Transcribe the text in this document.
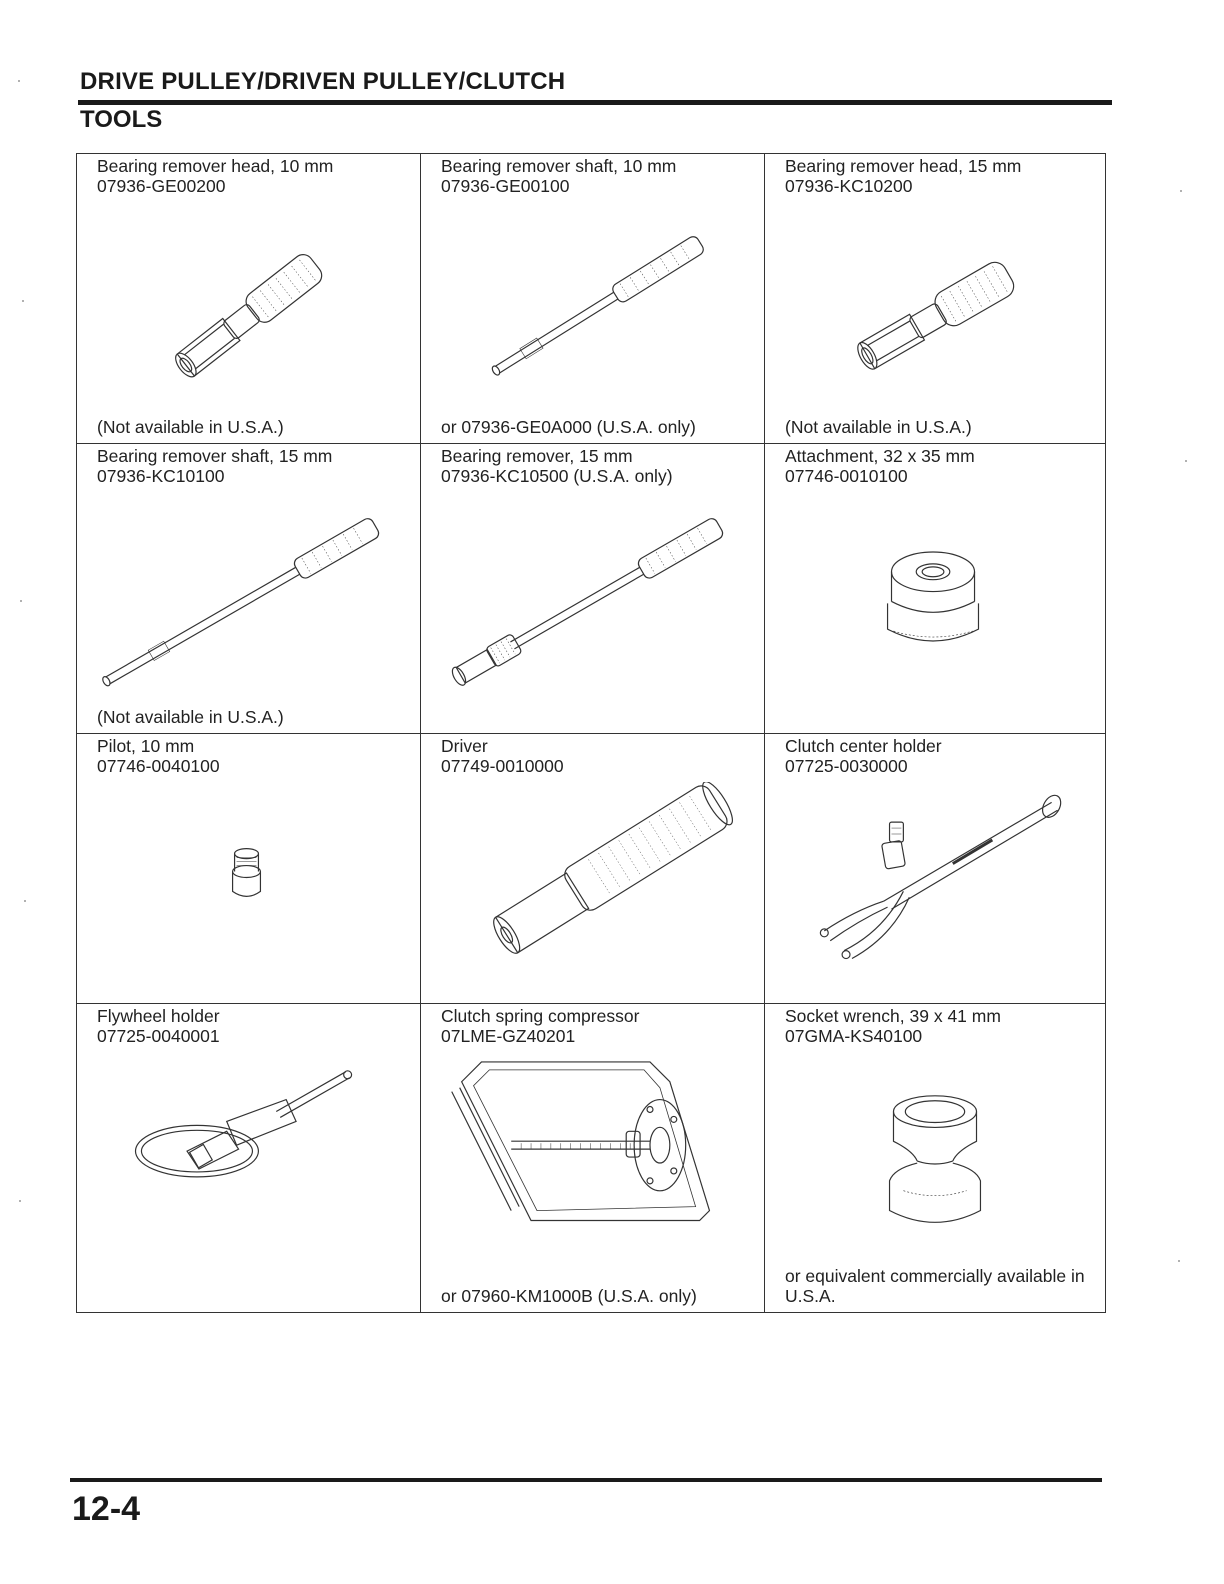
DRIVE PULLEY/DRIVEN PULLEY/CLUTCH
TOOLS
Bearing remover head, 10 mm
07936-GE00200
(Not available in U.S.A.)
Bearing remover shaft, 10 mm
07936-GE00100
or 07936-GE0A000 (U.S.A. only)
Bearing remover head, 15 mm
07936-KC10200
(Not available in U.S.A.)
Bearing remover shaft, 15 mm
07936-KC10100
(Not available in U.S.A.)
Bearing remover, 15 mm
07936-KC10500 (U.S.A. only)
Attachment, 32 x 35 mm
07746-0010100
Pilot, 10 mm
07746-0040100
Driver
07749-0010000
Clutch center holder
07725-0030000
Flywheel holder
07725-0040001
Clutch spring compressor
07LME-GZ40201
or 07960-KM1000B (U.S.A. only)
Socket wrench, 39 x 41 mm
07GMA-KS40100
or equivalent commercially available in U.S.A.
12-4
